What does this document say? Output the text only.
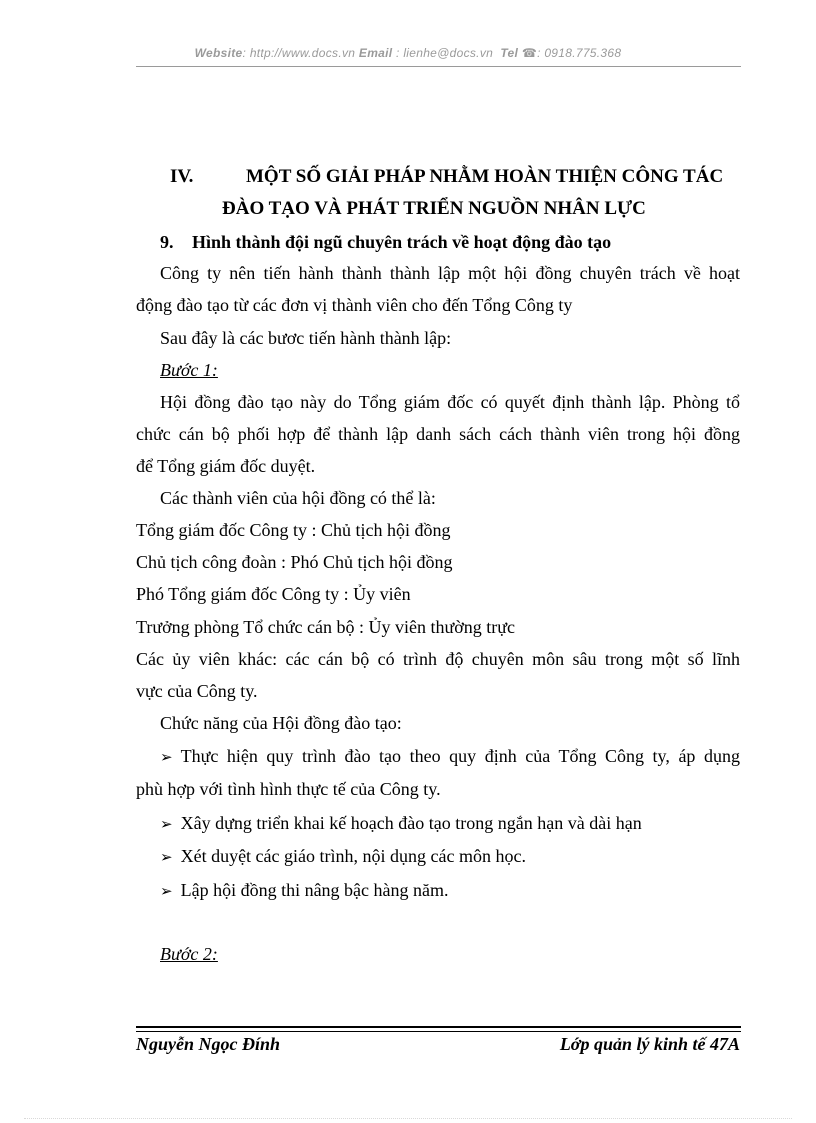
Website: http://www.docs.vn Email : lienhe@docs.vn Tel ☎: 0918.775.368
IV.	MỘT SỐ GIẢI PHÁP NHẰM HOÀN THIỆN CÔNG TÁC
ĐÀO TẠO VÀ PHÁT TRIỂN NGUỒN NHÂN LỰC
9. Hình thành đội ngũ chuyên trách về hoạt động đào tạo
Công ty nên tiến hành thành thành lập một hội đồng chuyên trách về hoạt
động đào tạo từ các đơn vị thành viên cho đến Tổng Công ty
Sau đây là các bươc tiến hành thành lập:
Bước 1:
Hội đồng đào tạo này do Tổng giám đốc có quyết định thành lập. Phòng tổ
chức cán bộ phối hợp để thành lập danh sách cách thành viên trong hội đồng
để Tổng giám đốc duyệt.
Các thành viên của hội đồng có thể là:
Tổng giám đốc Công ty : Chủ tịch hội đồng
Chủ tịch công đoàn : Phó Chủ tịch hội đồng
Phó Tổng giám đốc Công ty : Ủy viên
Trưởng phòng Tổ chức cán bộ : Ủy viên thường trực
Các ủy viên khác: các cán bộ có trình độ chuyên môn sâu trong một số lĩnh
vực của Công ty.
Chức năng của Hội đồng đào tạo:
➢ Thực hiện quy trình đào tạo theo quy định của Tổng Công ty, áp dụng
phù hợp với tình hình thực tế của Công ty.
➢ Xây dựng triển khai kế hoạch đào tạo trong ngắn hạn và dài hạn
➢ Xét duyệt các giáo trình, nội dụng các môn học.
➢ Lập hội đồng thi nâng bậc hàng năm.
Bước 2:
Nguyễn Ngọc Đính	Lớp quản lý kinh tế 47A
